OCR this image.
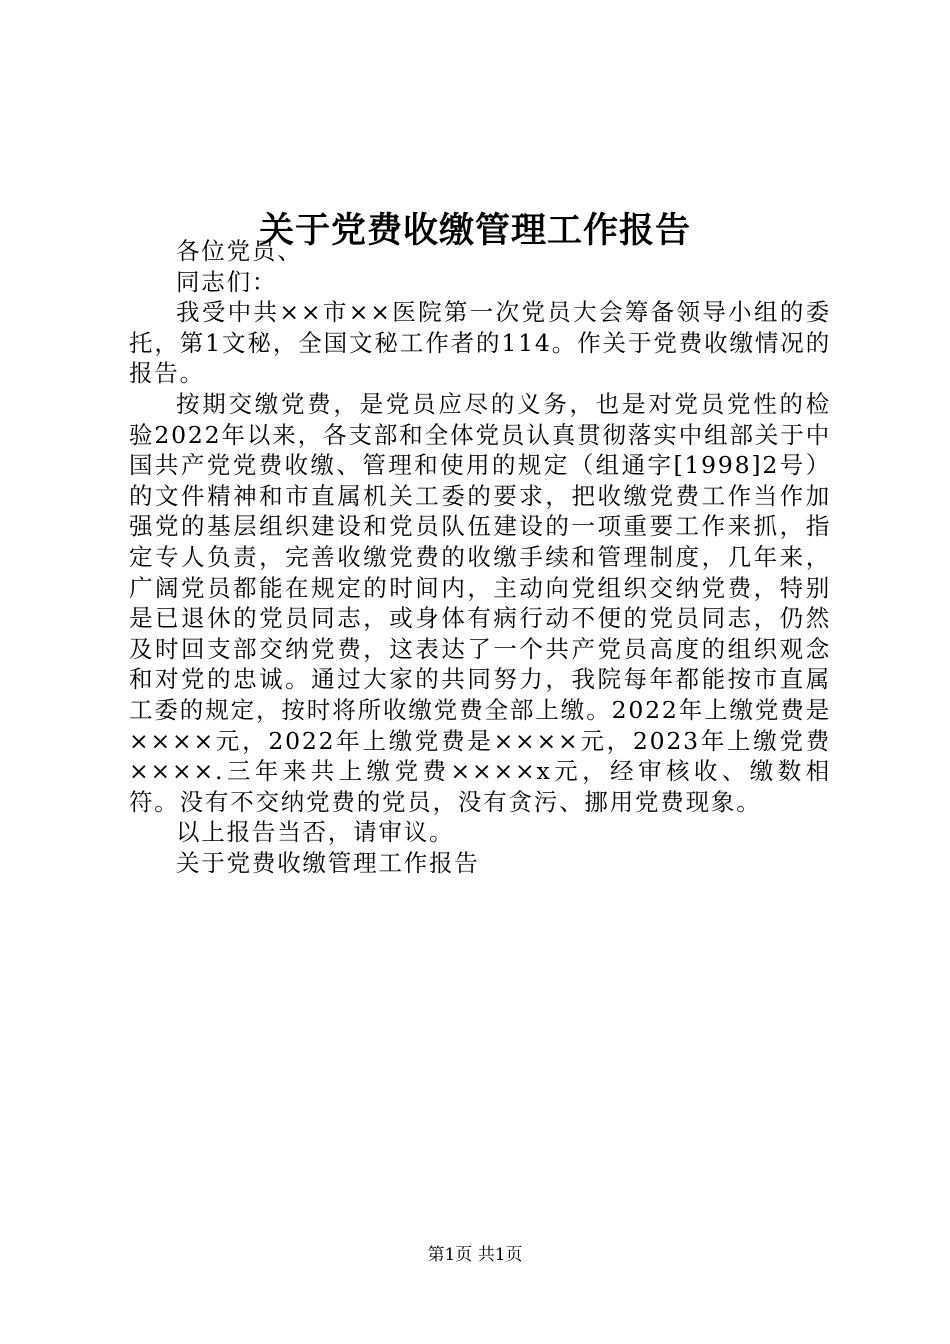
关于党费收缴管理工作报告

各位党员、

同志们：

我受中共××市××医院第一次党员大会筹备领导小组的委托，第1文秘，全国文秘工作者的114。作关于党费收缴情况的报告。

按期交缴党费，是党员应尽的义务，也是对党员党性的检验2022年以来，各支部和全体党员认真贯彻落实中组部关于中国共产党党费收缴、管理和使用的规定（组通字[1998]2号）的文件精神和市直属机关工委的要求，把收缴党费工作当作加强党的基层组织建设和党员队伍建设的一项重要工作来抓，指定专人负责，完善收缴党费的收缴手续和管理制度，几年来，广阔党员都能在规定的时间内，主动向党组织交纳党费，特别是已退休的党员同志，或身体有病行动不便的党员同志，仍然及时回支部交纳党费，这表达了一个共产党员高度的组织观念和对党的忠诚。通过大家的共同努力，我院每年都能按市直属工委的规定，按时将所收缴党费全部上缴。2022年上缴党费是××××元，2022年上缴党费是××××元，2023年上缴党费××××.三年来共上缴党费××××x元，经审核收、缴数相符。没有不交纳党费的党员，没有贪污、挪用党费现象。

以上报告当否，请审议。

关于党费收缴管理工作报告

第1页 共1页
